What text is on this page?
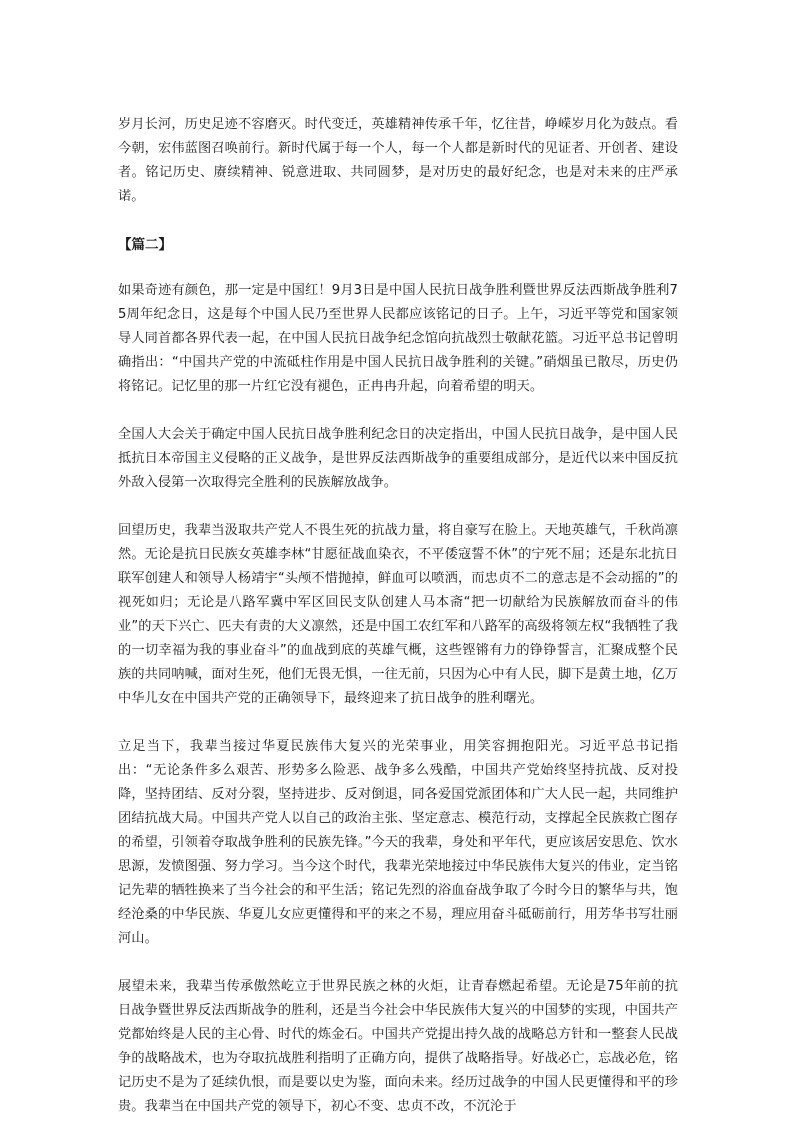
岁月长河，历史足迹不容磨灭。时代变迁，英雄精神传承千年，忆往昔，峥嵘岁月化为鼓点。看今朝，宏伟蓝图召唤前行。新时代属于每一个人，每一个人都是新时代的见证者、开创者、建设者。铭记历史、赓续精神、锐意进取、共同圆梦，是对历史的最好纪念，也是对未来的庄严承诺。

【篇二】

如果奇迹有颜色，那一定是中国红！9月3日是中国人民抗日战争胜利暨世界反法西斯战争胜利75周年纪念日，这是每个中国人民乃至世界人民都应该铭记的日子。上午，习近平等党和国家领导人同首都各界代表一起，在中国人民抗日战争纪念馆向抗战烈士敬献花篮。习近平总书记曾明确指出：“中国共产党的中流砥柱作用是中国人民抗日战争胜利的关键。”硝烟虽已散尽，历史仍将铭记。记忆里的那一片红它没有褪色，正冉冉升起，向着希望的明天。

全国人大会关于确定中国人民抗日战争胜利纪念日的决定指出，中国人民抗日战争，是中国人民抵抗日本帝国主义侵略的正义战争，是世界反法西斯战争的重要组成部分，是近代以来中国反抗外敌入侵第一次取得完全胜利的民族解放战争。

回望历史，我辈当汲取共产党人不畏生死的抗战力量，将自豪写在脸上。天地英雄气，千秋尚凛然。无论是抗日民族女英雄李林“甘愿征战血染衣，不平倭寇誓不休”的宁死不屈；还是东北抗日联军创建人和领导人杨靖宇“头颅不惜抛掉，鲜血可以喷洒，而忠贞不二的意志是不会动摇的”的视死如归；无论是八路军冀中军区回民支队创建人马本斋“把一切献给为民族解放而奋斗的伟业”的天下兴亡、匹夫有责的大义凛然，还是中国工农红军和八路军的高级将领左权“我牺牲了我的一切幸福为我的事业奋斗”的血战到底的英雄气概，这些铿锵有力的铮铮誓言，汇聚成整个民族的共同呐喊，面对生死，他们无畏无惧，一往无前，只因为心中有人民，脚下是黄土地，亿万中华儿女在中国共产党的正确领导下，最终迎来了抗日战争的胜利曙光。

立足当下，我辈当接过华夏民族伟大复兴的光荣事业，用笑容拥抱阳光。习近平总书记指出：“无论条件多么艰苦、形势多么险恶、战争多么残酷，中国共产党始终坚持抗战、反对投降，坚持团结、反对分裂，坚持进步、反对倒退，同各爱国党派团体和广大人民一起，共同维护团结抗战大局。中国共产党人以自己的政治主张、坚定意志、模范行动，支撑起全民族救亡图存的希望，引领着夺取战争胜利的民族先锋。”今天的我辈，身处和平年代，更应该居安思危、饮水思源，发愤图强、努力学习。当今这个时代，我辈光荣地接过中华民族伟大复兴的伟业，定当铭记先辈的牺牲换来了当今社会的和平生活；铭记先烈的浴血奋战争取了今时今日的繁华与共，饱经沧桑的中华民族、华夏儿女应更懂得和平的来之不易，理应用奋斗砥砺前行，用芳华书写壮丽河山。

展望未来，我辈当传承傲然屹立于世界民族之林的火炬，让青春燃起希望。无论是75年前的抗日战争暨世界反法西斯战争的胜利，还是当今社会中华民族伟大复兴的中国梦的实现，中国共产党都始终是人民的主心骨、时代的炼金石。中国共产党提出持久战的战略总方针和一整套人民战争的战略战术，也为夺取抗战胜利指明了正确方向，提供了战略指导。好战必亡，忘战必危，铭记历史不是为了延续仇恨，而是要以史为鉴，面向未来。经历过战争的中国人民更懂得和平的珍贵。我辈当在中国共产党的领导下，初心不变、忠贞不改，不沉沦于
